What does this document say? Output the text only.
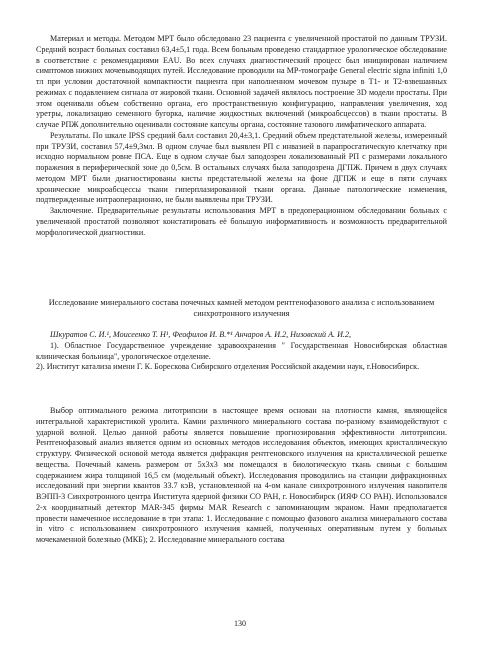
Материал и методы. Методом МРТ было обследовано 23 пациента с увеличенной простатой по данным ТРУЗИ. Средний возраст больных составил 63,4±5,1 года. Всем больным проведено стандартное урологическое обследование в соответствие с рекомендациями EAU. Во всех случаях диагностический процесс был инициирован наличием симптомов нижних мочевыводящих путей. Исследование проводили на МР-томографе General electric signa infiniti 1,0 тл при условии достаточной компактности пациента при наполненном мочевом пузыре в Т1- и Т2-взвешанных режимах с подавлением сигнала от жировой ткани. Основной задачей являлось построение 3D модели простаты. При этом оценивали объем собственно органа, его пространственную конфигурацию, направления увеличения, ход уретры, локализацию семенного бугорка, наличие жидкостных включений (микроабсцессов) в ткани простаты. В случае РПЖ дополнительно оценивали состояние капсулы органа, состояние тазового лимфатического аппарата.

Результаты. По шкале IPSS средний балл составил 20,4±3,1. Средний объем предстательной железы, измеренный при ТРУЗИ, составил 57,4±9,3мл. В одном случае был выявлен РП с инвазией в парапросгатическую клетчатку при исходно нормальном ровне ПСА. Еще в одном случае был заподозрен локализованный РП с размерами локального поражения в периферической зоне до 0,5см. В остальных случаях была заподозрена ДГПЖ. Причем в двух случаях методом МРТ были диагностированы кисты предстательной железы на фоне ДГПЖ и еще в пяти случаях хронические микроабсцессы ткани гиперплазированной ткани органа. Данные патологические изменения, подтвержденные интраоперационно, не были выявлены при ТРУЗИ.

Заключение. Предварительные результаты использования МРТ в предоперационном обследовании больных с увеличенной простатой позволяют констатировать её большую информативность и возможность предварительной морфологической диагностики.

Исследование минерального состава почечных камней методом рентгенофазового анализа с использованием синхротронного излучения

Шкуратов С. И.¹, Моисеенко Т. Н¹, Феофилов И. В.*¹ Анчаров А. И.2, Низовский А. И.2,

1). Областное Государственное учреждение здравоохранения " Государственная Новосибирская областная клиническая больница", урологическое отделение.

2). Институт катализа имени Г. К. Борескова Сибирского отделения Российской академии наук, г.Новосибирск.

Выбор оптимального режима литотрипсии в настоящее время основан на плотности камня, являющейся интегральной характеристикой уролита. Камни различного минерального состава по-разному взаимодействуют с ударной волной. Целью данной работы является повышение прогнозирования эффективности литотрипсии. Рентгенофазовый анализ является одним из основных методов исследования объектов, имеющих кристаллическую структуру. Физической основой метода является дифракция рентгеновского излучения на кристаллической решетке вещества. Почечный камень размером от 5х3х3 мм помещался в биологическую ткань свиньи с большим содержанием жира толщиной 16,5 см (модельный объект). Исследования проводились на станции дифракционных исследований при энергии квантов 33.7 кэВ, установленной на 4-ом канале синхротронного излучения накопителя ВЭПП-3 Синхротронного центра Института ядерной физики СО РАН, г. Новосибирск (ИЯФ СО РАН). Использовался 2-х координатный детектор MAR-345 фирмы MAR Research с запоминающим экраном. Нами предполагается провести намеченное исследование в три этапа: 1. Исследование с помощью фазового анализа минерального состава in vitro с использованием синхротронного излучения камней, полученных оперативным путем у больных мочекаменной болезнью (МКБ); 2. Исследование минерального состава

130
